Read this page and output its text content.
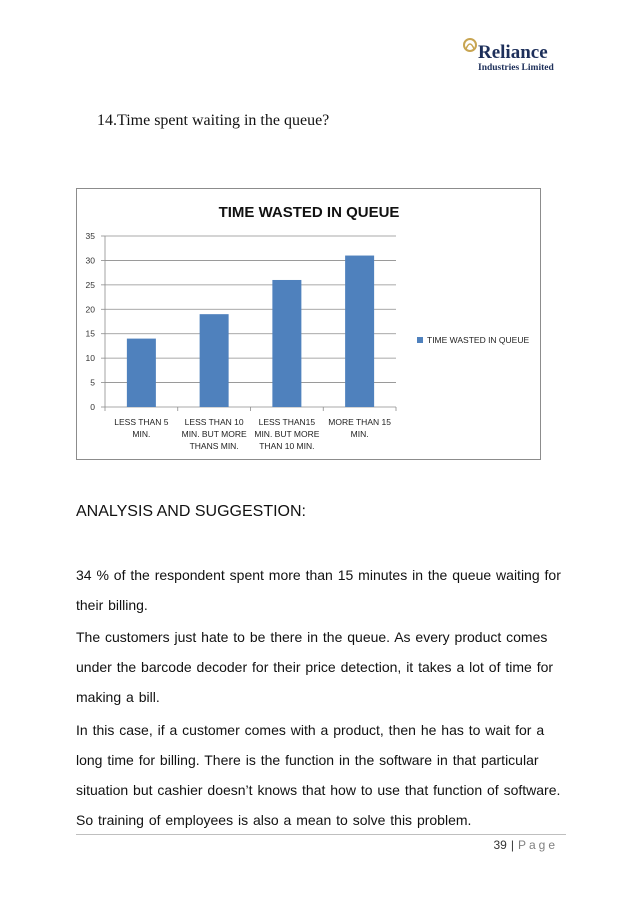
Reliance
Industries Limited
14.Time spent waiting in the queue?
TIME WASTED IN QUEUE
0
5
10
15
20
25
30
35
LESS THAN 5
MIN.
LESS THAN 10
MIN. BUT MORE
THANS MIN.
LESS THAN15
MIN. BUT MORE
THAN 10 MIN.
MORE THAN 15
MIN.
TIME WASTED IN QUEUE
ANALYSIS AND SUGGESTION:
34 % of the respondent spent more than 15 minutes in the queue waiting for their billing.
The customers just hate to be there in the queue. As every product comes under the barcode decoder for their price detection, it takes a lot of time for making a bill.
In this case, if a customer comes with a product, then he has to wait for a long time for billing. There is the function in the software in that particular situation but cashier doesn’t knows that how to use that function of software. So training of employees is also a mean to solve this problem.
39 | Page
